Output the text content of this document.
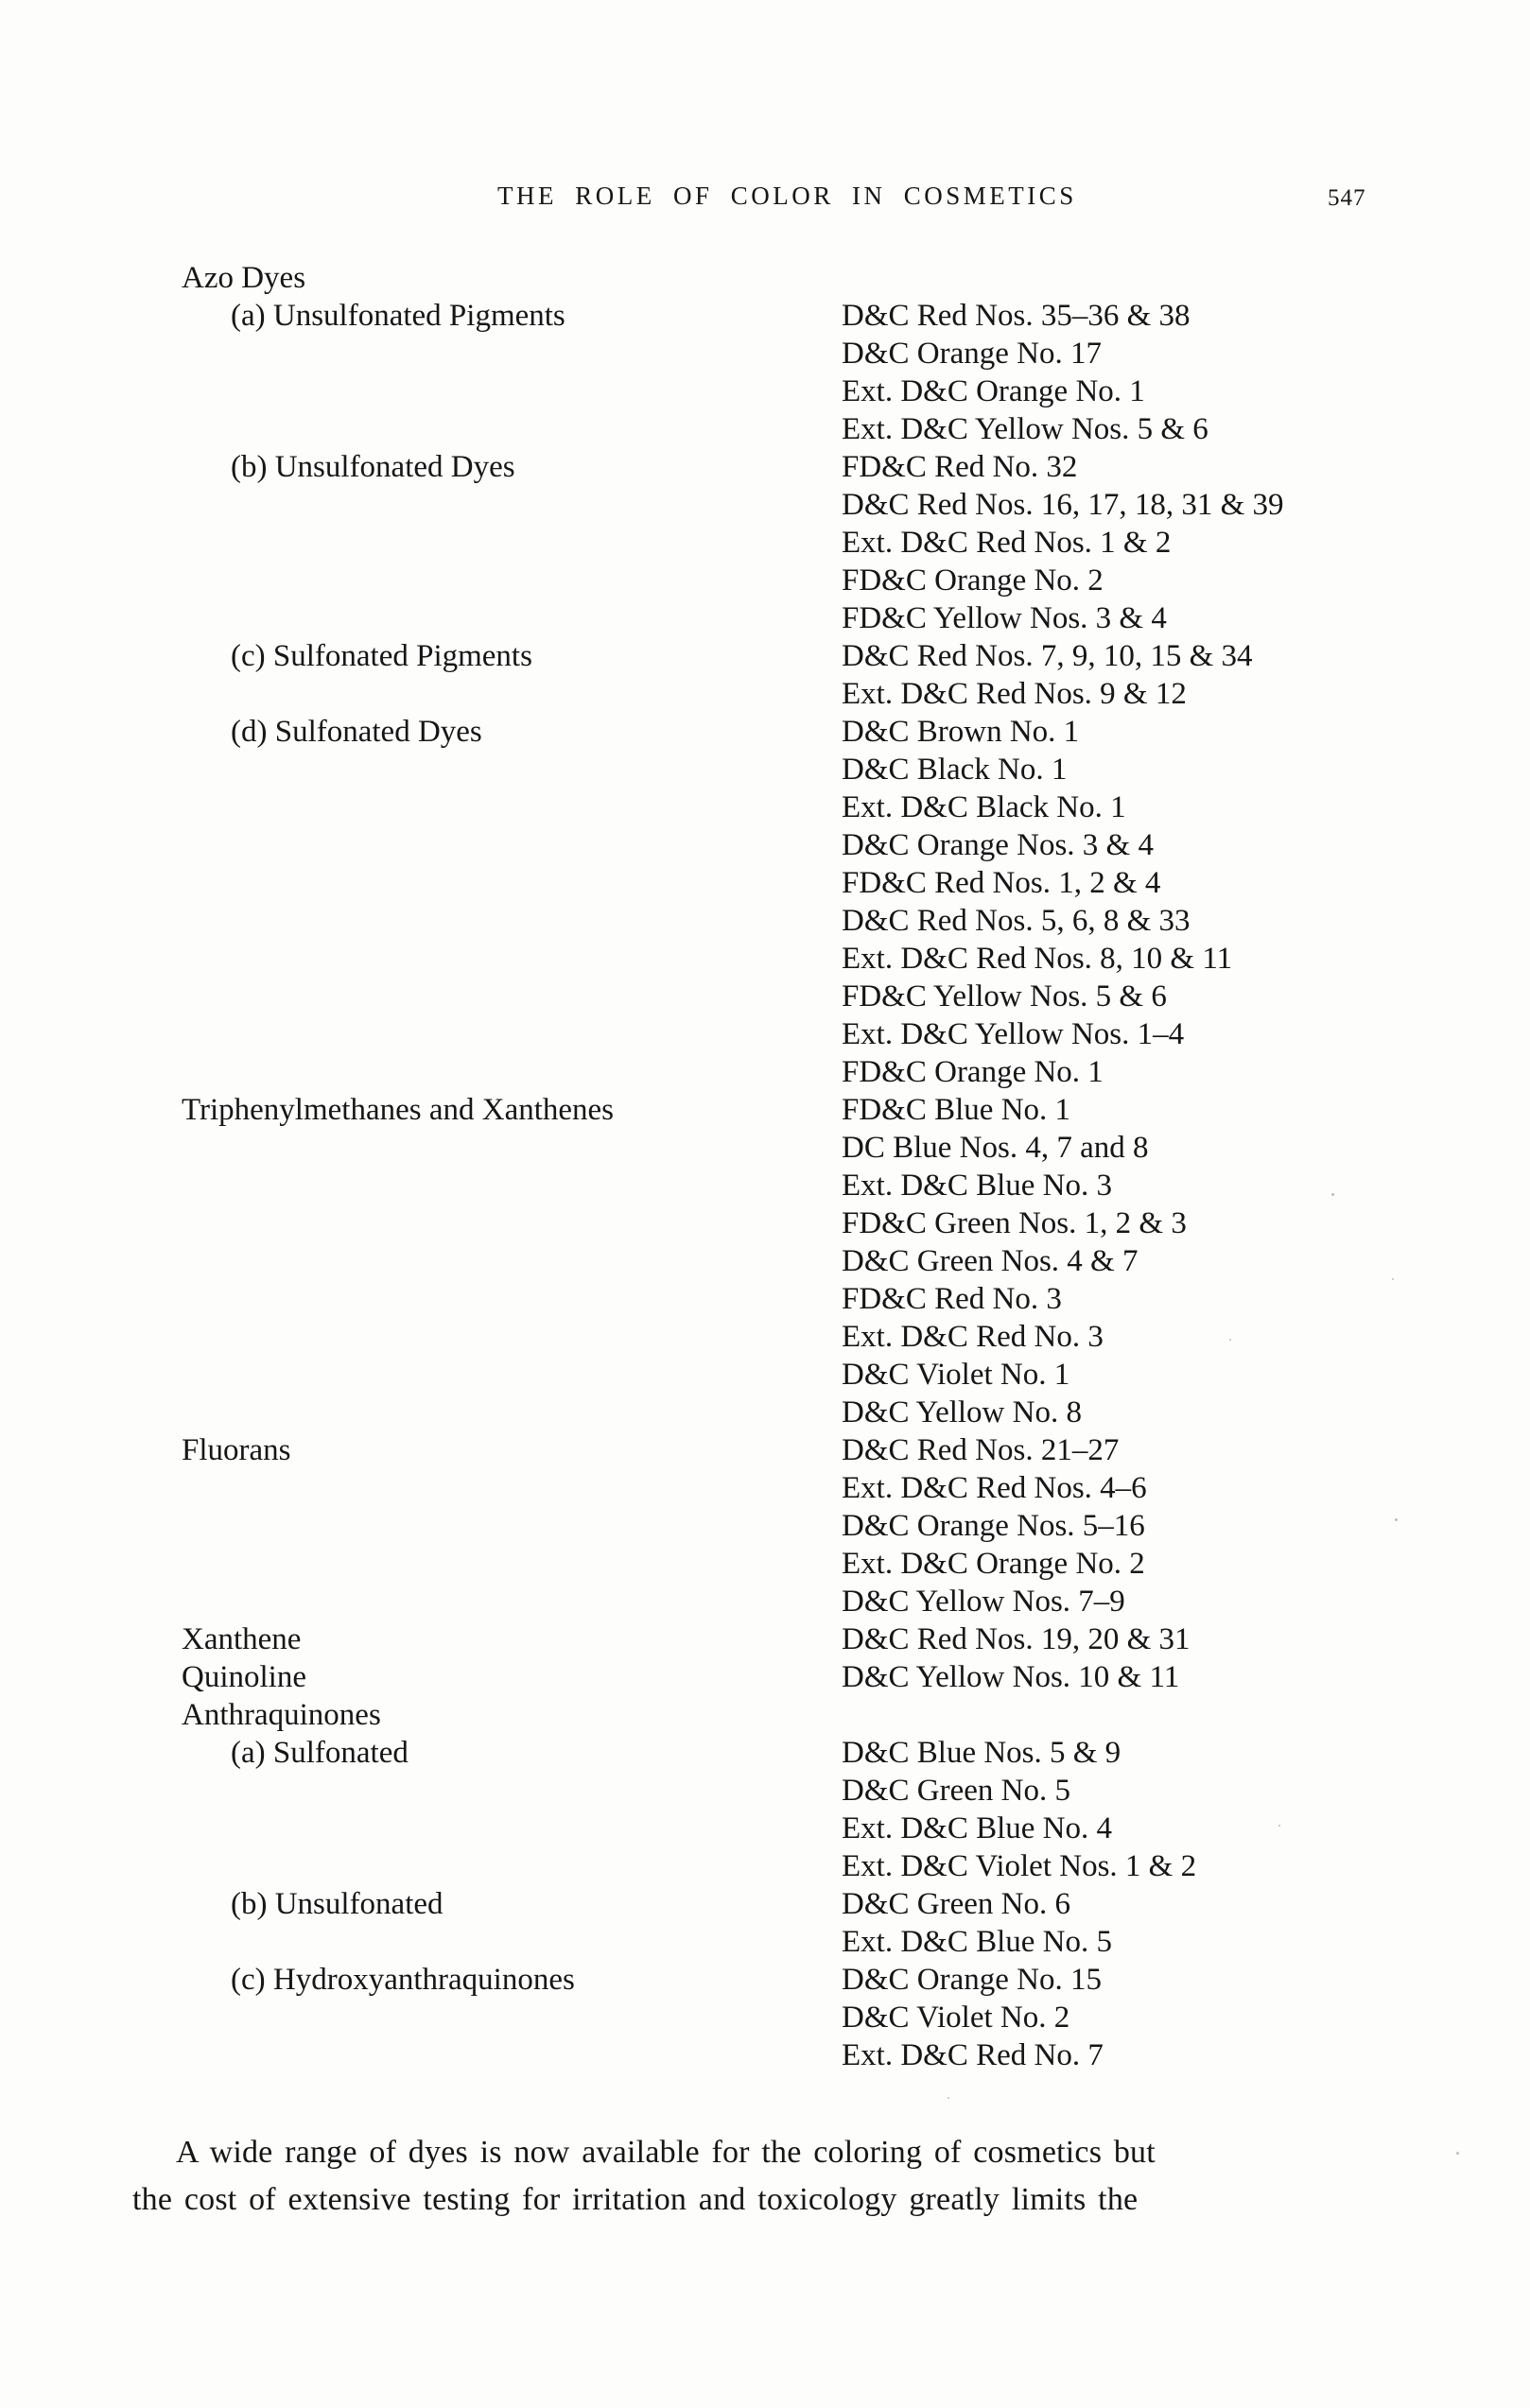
THE ROLE OF COLOR IN COSMETICS	547
Azo Dyes
(a) Unsulfonated Pigments	D&C Red Nos. 35–36 & 38
D&C Orange No. 17
Ext. D&C Orange No. 1
Ext. D&C Yellow Nos. 5 & 6
(b) Unsulfonated Dyes	FD&C Red No. 32
D&C Red Nos. 16, 17, 18, 31 & 39
Ext. D&C Red Nos. 1 & 2
FD&C Orange No. 2
FD&C Yellow Nos. 3 & 4
(c) Sulfonated Pigments	D&C Red Nos. 7, 9, 10, 15 & 34
Ext. D&C Red Nos. 9 & 12
(d) Sulfonated Dyes	D&C Brown No. 1
D&C Black No. 1
Ext. D&C Black No. 1
D&C Orange Nos. 3 & 4
FD&C Red Nos. 1, 2 & 4
D&C Red Nos. 5, 6, 8 & 33
Ext. D&C Red Nos. 8, 10 & 11
FD&C Yellow Nos. 5 & 6
Ext. D&C Yellow Nos. 1–4
FD&C Orange No. 1
Triphenylmethanes and Xanthenes	FD&C Blue No. 1
DC Blue Nos. 4, 7 and 8
Ext. D&C Blue No. 3
FD&C Green Nos. 1, 2 & 3
D&C Green Nos. 4 & 7
FD&C Red No. 3
Ext. D&C Red No. 3
D&C Violet No. 1
D&C Yellow No. 8
Fluorans	D&C Red Nos. 21–27
Ext. D&C Red Nos. 4–6
D&C Orange Nos. 5–16
Ext. D&C Orange No. 2
D&C Yellow Nos. 7–9
Xanthene	D&C Red Nos. 19, 20 & 31
Quinoline	D&C Yellow Nos. 10 & 11
Anthraquinones
(a) Sulfonated	D&C Blue Nos. 5 & 9
D&C Green No. 5
Ext. D&C Blue No. 4
Ext. D&C Violet Nos. 1 & 2
(b) Unsulfonated	D&C Green No. 6
Ext. D&C Blue No. 5
(c) Hydroxyanthraquinones	D&C Orange No. 15
D&C Violet No. 2
Ext. D&C Red No. 7
A wide range of dyes is now available for the coloring of cosmetics but
the cost of extensive testing for irritation and toxicology greatly limits the
